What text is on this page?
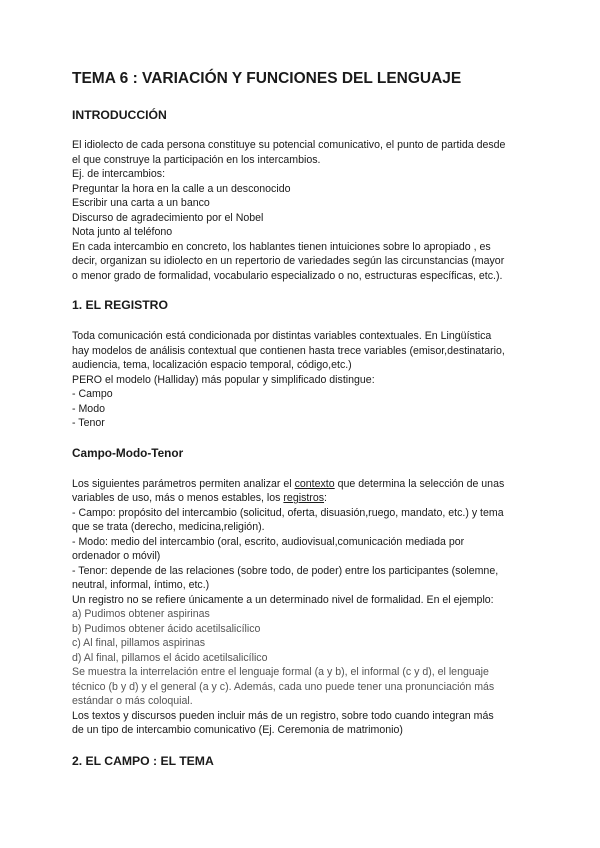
TEMA 6 : VARIACIÓN Y FUNCIONES DEL LENGUAJE
INTRODUCCIÓN
El idiolecto de cada persona constituye su potencial comunicativo, el punto de partida desde
el que construye la participación en los intercambios.
Ej. de intercambios:
Preguntar la hora en la calle a un desconocido
Escribir una carta a un banco
Discurso de agradecimiento por el Nobel
Nota junto al teléfono
En cada intercambio en concreto, los hablantes tienen intuiciones sobre lo apropiado , es
decir, organizan su idiolecto en un repertorio de variedades según las circunstancias (mayor
o menor grado de formalidad, vocabulario especializado o no, estructuras específicas, etc.).
1. EL REGISTRO
Toda comunicación está condicionada por distintas variables contextuales. En Lingüística
hay modelos de análisis contextual que contienen hasta trece variables (emisor,destinatario,
audiencia, tema, localización espacio temporal, código,etc.)
PERO el modelo (Halliday) más popular y simplificado distingue:
- Campo
- Modo
- Tenor
Campo-Modo-Tenor
Los siguientes parámetros permiten analizar el contexto que determina la selección de unas
variables de uso, más o menos estables, los registros:
- Campo: propósito del intercambio (solicitud, oferta, disuasión,ruego, mandato, etc.) y tema
que se trata (derecho, medicina,religión).
- Modo: medio del intercambio (oral, escrito, audiovisual,comunicación mediada por
ordenador o móvil)
- Tenor: depende de las relaciones (sobre todo, de poder) entre los participantes (solemne,
neutral, informal, íntimo, etc.)
Un registro no se refiere únicamente a un determinado nivel de formalidad. En el ejemplo:
a) Pudimos obtener aspirinas
b) Pudimos obtener ácido acetilsalicílico
c) Al final, pillamos aspirinas
d) Al final, pillamos el ácido acetilsalicílico
Se muestra la interrelación entre el lenguaje formal (a y b), el informal (c y d), el lenguaje
técnico (b y d) y el general (a y c). Además, cada uno puede tener una pronunciación más
estándar o más coloquial.
Los textos y discursos pueden incluir más de un registro, sobre todo cuando integran más
de un tipo de intercambio comunicativo (Ej. Ceremonia de matrimonio)
2. EL CAMPO : EL TEMA
